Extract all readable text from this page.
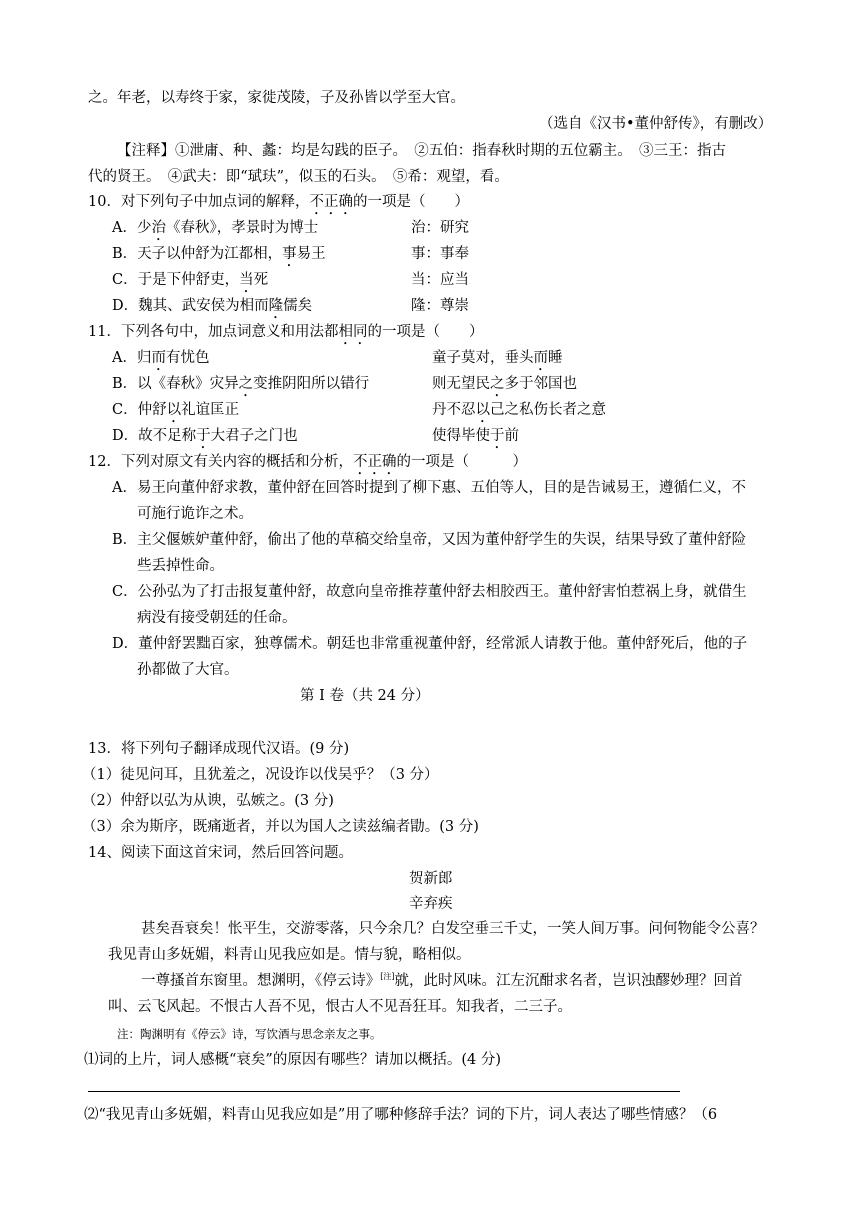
之。年老，以寿终于家，家徙茂陵，子及孙皆以学至大官。
（选自《汉书•董仲舒传》，有删改）
【注释】①泄庸、种、蠡：均是勾践的臣子。　②五伯：指春秋时期的五位霸主。　③三王：指古
代的贤王。　④武夫：即“珷玞”，似玉的石头。　⑤希：观望，看。
10．对下列句子中加点词的解释，不正确的一项是（　　）
A．少治《春秋》，孝景时为博士	治：研究
B．天子以仲舒为江都相，事易王	事：事奉
C．于是下仲舒吏，当死	当：应当
D．魏其、武安侯为相而隆儒矣	隆：尊崇
11．下列各句中，加点词意义和用法都相同的一项是（　　）
A．归而有忧色	童子莫对，垂头而睡
B．以《春秋》灾异之变推阴阳所以错行	则无望民之多于邻国也
C．仲舒以礼谊匡正	丹不忍以己之私伤长者之意
D．故不足称于大君子之门也	使得毕使于前
12．下列对原文有关内容的概括和分析，不正确的一项是（　　　）
A．易王向董仲舒求教，董仲舒在回答时提到了柳下惠、五伯等人，目的是告诫易王，遵循仁义，不
可施行诡诈之术。
B．主父偃嫉妒董仲舒，偷出了他的草稿交给皇帝，又因为董仲舒学生的失误，结果导致了董仲舒险
些丢掉性命。
C．公孙弘为了打击报复董仲舒，故意向皇帝推荐董仲舒去相胶西王。董仲舒害怕惹祸上身，就借生
病没有接受朝廷的任命。
D．董仲舒罢黜百家，独尊儒术。朝廷也非常重视董仲舒，经常派人请教于他。董仲舒死后，他的子
孙都做了大官。
第 I 卷（共 24 分）
13．将下列句子翻译成现代汉语。(9 分)
（1）徒见问耳，且犹羞之，况设诈以伐吴乎？（3 分）
（2）仲舒以弘为从谀，弘嫉之。(3 分)
（3）余为斯序，既痛逝者，并以为国人之读兹编者勖。(3 分)
14、阅读下面这首宋词，然后回答问题。
贺新郎
辛弃疾
甚矣吾衰矣！怅平生，交游零落，只今余几？白发空垂三千丈，一笑人间万事。问何物能令公喜？
我见青山多妩媚，料青山见我应如是。情与貌，略相似。
一尊搔首东窗里。想渊明，《停云诗》[注]就，此时风味。江左沉酣求名者，岂识浊醪妙理？回首
叫、云飞风起。不恨古人吾不见，恨古人不见吾狂耳。知我者，二三子。
注：陶渊明有《停云》诗，写饮酒与思念亲友之事。
⑴词的上片，词人感概“衰矣”的原因有哪些？请加以概括。(4 分)
⑵“我见青山多妩媚，料青山见我应如是”用了哪种修辞手法？词的下片，词人表达了哪些情感？（6
